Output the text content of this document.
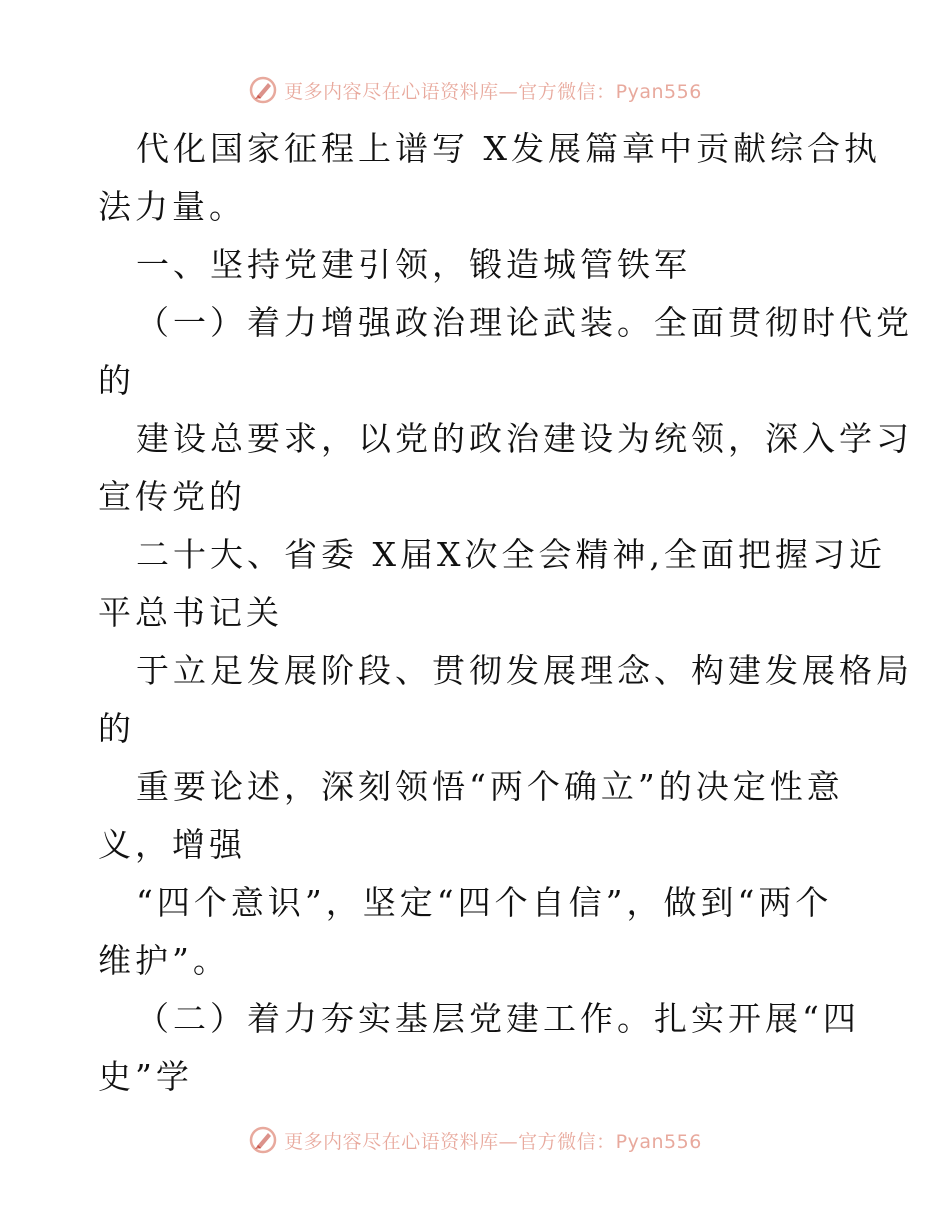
更多内容尽在心语资料库—官方微信：Pyan556
代化国家征程上谱写 X发展篇章中贡献综合执
法力量。
一、坚持党建引领，锻造城管铁军
（一）着力增强政治理论武装。全面贯彻时代党
的
建设总要求，以党的政治建设为统领，深入学习
宣传党的
二十大、省委 X届X次全会精神,全面把握习近
平总书记关
于立足发展阶段、贯彻发展理念、构建发展格局
的
重要论述，深刻领悟“两个确立”的决定性意
义，增强
“四个意识”，坚定“四个自信”，做到“两个
维护”。
（二）着力夯实基层党建工作。扎实开展“四
史”学
更多内容尽在心语资料库—官方微信：Pyan556
